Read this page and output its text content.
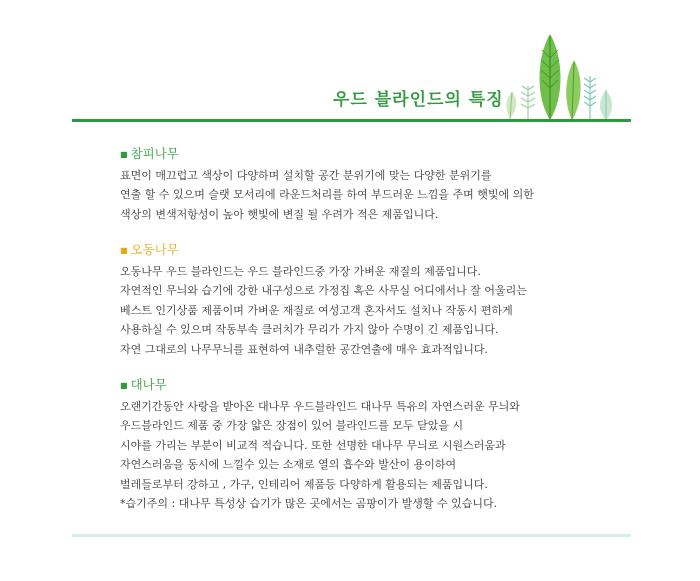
우드 블라인드의 특징
■ 참피나무
표면이 매끄럽고 색상이 다양하며 설치할 공간 분위기에 맞는 다양한 분위기를
연출 할 수 있으며 슬랫 모서리에 라운드처리를 하여 부드러운 느낌을 주며 햇빛에 의한
색상의 변색저항성이 높아 햇빛에 변질 될 우려가 적은 제품입니다.
■ 오동나무
오동나무 우드 블라인드는 우드 블라인드중 가장 가벼운 재질의 제품입니다.
자연적인 무늬와 습기에 강한 내구성으로 가정집 혹은 사무실 어디에서나 잘 어울리는
베스트 인기상품 제품이며 가벼운 재질로 여성고객 혼자서도 설치나 작동시 편하게
사용하실 수 있으며 작동부속 클러치가 무리가 가지 않아 수명이 긴 제품입니다.
자연 그대로의 나무무늬를 표현하여 내추럴한 공간연출에 매우 효과적입니다.
■ 대나무
오랜기간동안 사랑을 받아온 대나무 우드블라인드 대나무 특유의 자연스러운 무늬와
우드블라인드 제품 중 가장 얇은 장점이 있어 블라인드를 모두 닫았을 시
시야를 가리는 부분이 비교적 적습니다. 또한 선명한 대나무 무늬로 시원스러움과
자연스러움을 동시에 느낄수 있는 소재로 열의 흡수와 발산이 용이하여
벌레들로부터 강하고 , 가구, 인테리어 제품등 다양하게 활용되는 제품입니다.
*습기주의 : 대나무 특성상 습기가 많은 곳에서는 곰팡이가 발생할 수 있습니다.
